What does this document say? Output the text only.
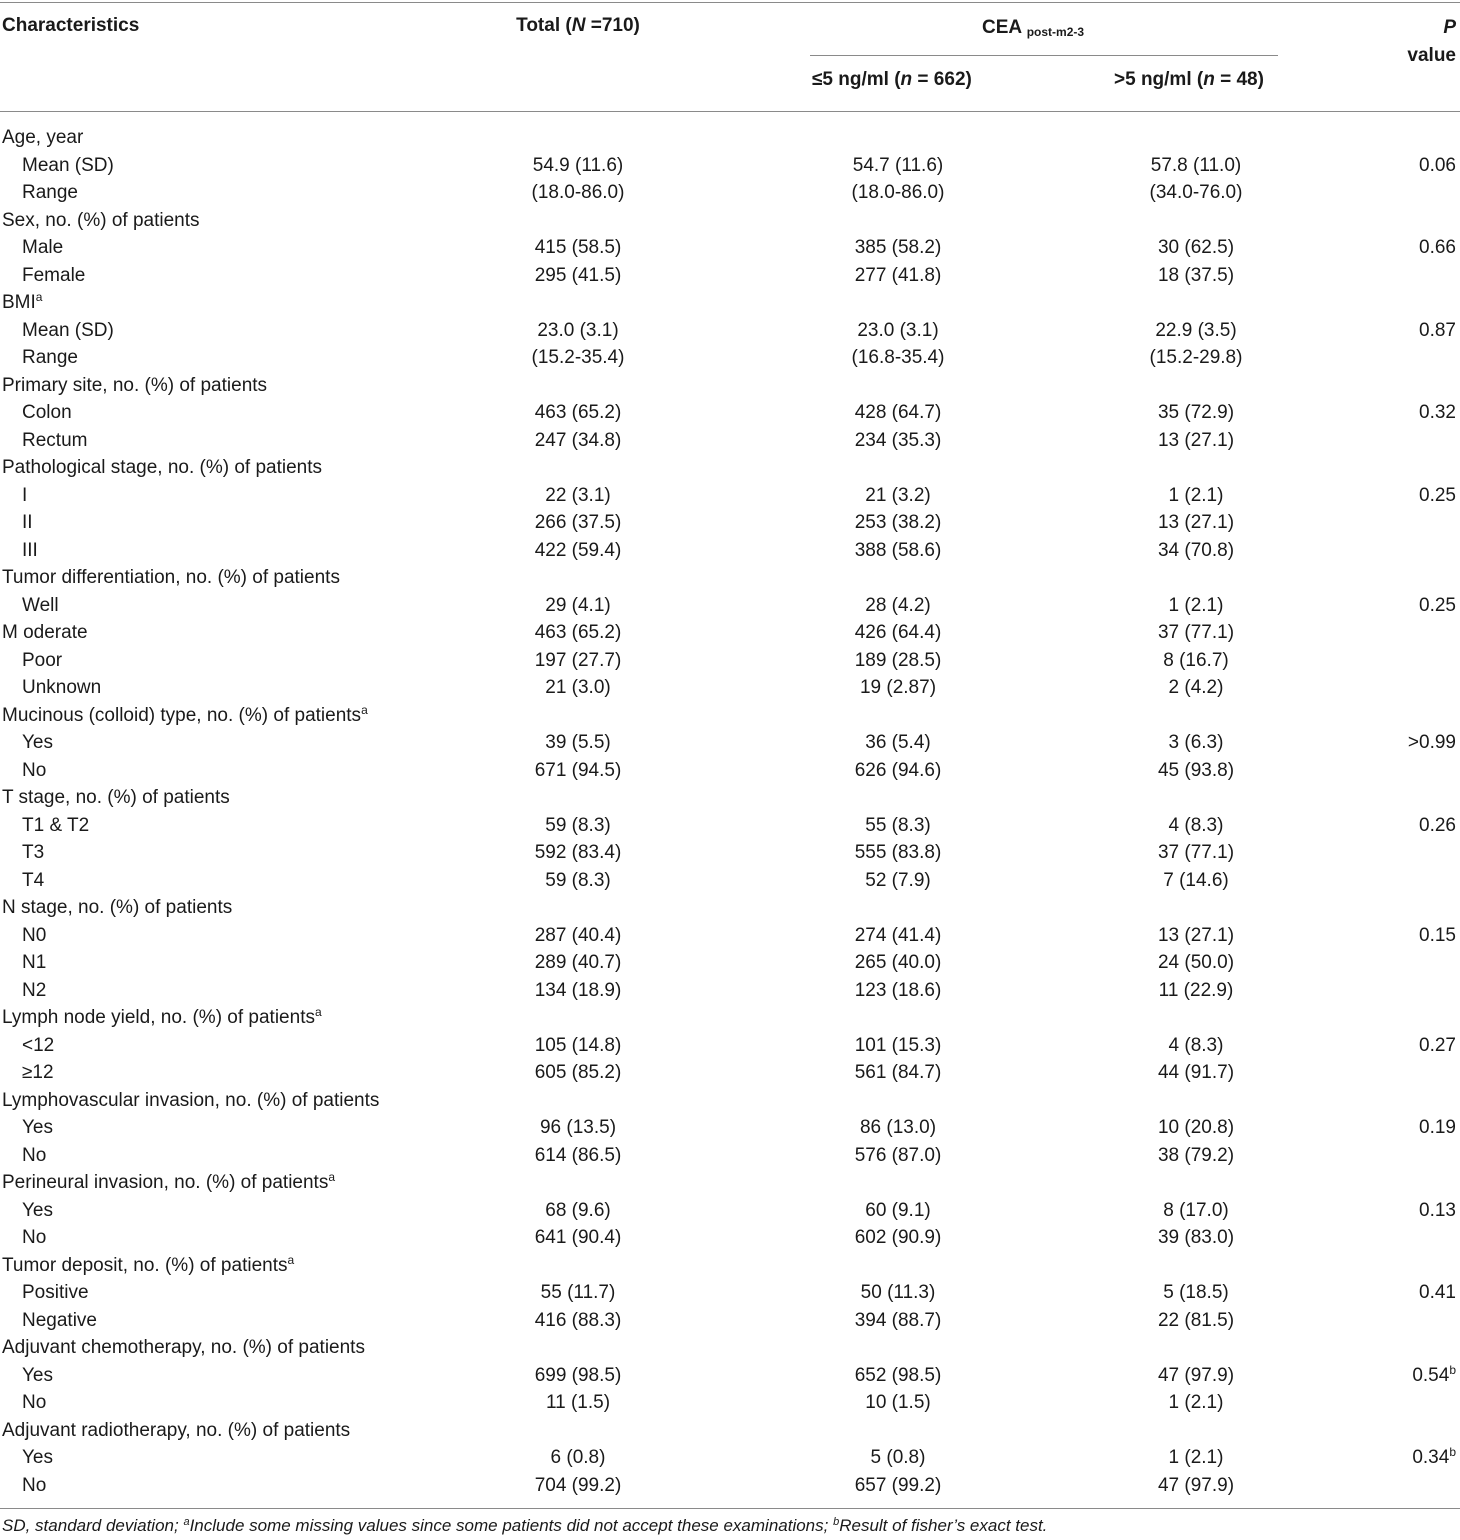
Characteristics	Total (N =710)	CEA $_{post-m2-3}$
≤5 ng/ml (n = 662)	>5 ng/ml (n = 48)
P
value
Age, year
Mean (SD)	54.9 (11.6)	54.7 (11.6)	57.8 (11.0)	0.06
Range	(18.0-86.0)	(18.0-86.0)	(34.0-76.0)
Sex, no. (%) of patients
Male	415 (58.5)	385 (58.2)	30 (62.5)	0.66
Female	295 (41.5)	277 (41.8)	18 (37.5)
BMI$^a$
Mean (SD)	23.0 (3.1)	23.0 (3.1)	22.9 (3.5)	0.87
Range	(15.2-35.4)	(16.8-35.4)	(15.2-29.8)
Primary site, no. (%) of patients
Colon	463 (65.2)	428 (64.7)	35 (72.9)	0.32
Rectum	247 (34.8)	234 (35.3)	13 (27.1)
Pathological stage, no. (%) of patients
I	22 (3.1)	21 (3.2)	1 (2.1)	0.25
II	266 (37.5)	253 (38.2)	13 (27.1)
III	422 (59.4)	388 (58.6)	34 (70.8)
Tumor differentiation, no. (%) of patients
Well	29 (4.1)	28 (4.2)	1 (2.1)	0.25
M oderate	463 (65.2)	426 (64.4)	37 (77.1)
Poor	197 (27.7)	189 (28.5)	8 (16.7)
Unknown	21 (3.0)	19 (2.87)	2 (4.2)
Mucinous (colloid) type, no. (%) of patients$^a$
Yes	39 (5.5)	36 (5.4)	3 (6.3)	>0.99
No	671 (94.5)	626 (94.6)	45 (93.8)
T stage, no. (%) of patients
T1 & T2	59 (8.3)	55 (8.3)	4 (8.3)	0.26
T3	592 (83.4)	555 (83.8)	37 (77.1)
T4	59 (8.3)	52 (7.9)	7 (14.6)
N stage, no. (%) of patients
N0	287 (40.4)	274 (41.4)	13 (27.1)	0.15
N1	289 (40.7)	265 (40.0)	24 (50.0)
N2	134 (18.9)	123 (18.6)	11 (22.9)
Lymph node yield, no. (%) of patients$^a$
<12	105 (14.8)	101 (15.3)	4 (8.3)	0.27
≥12	605 (85.2)	561 (84.7)	44 (91.7)
Lymphovascular invasion, no. (%) of patients
Yes	96 (13.5)	86 (13.0)	10 (20.8)	0.19
No	614 (86.5)	576 (87.0)	38 (79.2)
Perineural invasion, no. (%) of patients$^a$
Yes	68 (9.6)	60 (9.1)	8 (17.0)	0.13
No	641 (90.4)	602 (90.9)	39 (83.0)
Tumor deposit, no. (%) of patients$^a$
Positive	55 (11.7)	50 (11.3)	5 (18.5)	0.41
Negative	416 (88.3)	394 (88.7)	22 (81.5)
Adjuvant chemotherapy, no. (%) of patients
Yes	699 (98.5)	652 (98.5)	47 (97.9)	0.54$^b$
No	11 (1.5)	10 (1.5)	1 (2.1)
Adjuvant radiotherapy, no. (%) of patients
Yes	6 (0.8)	5 (0.8)	1 (2.1)	0.34$^b$
No	704 (99.2)	657 (99.2)	47 (97.9)
SD, standard deviation; $^a$Include some missing values since some patients did not accept these examinations; $^b$Result of fisher’s exact test.
